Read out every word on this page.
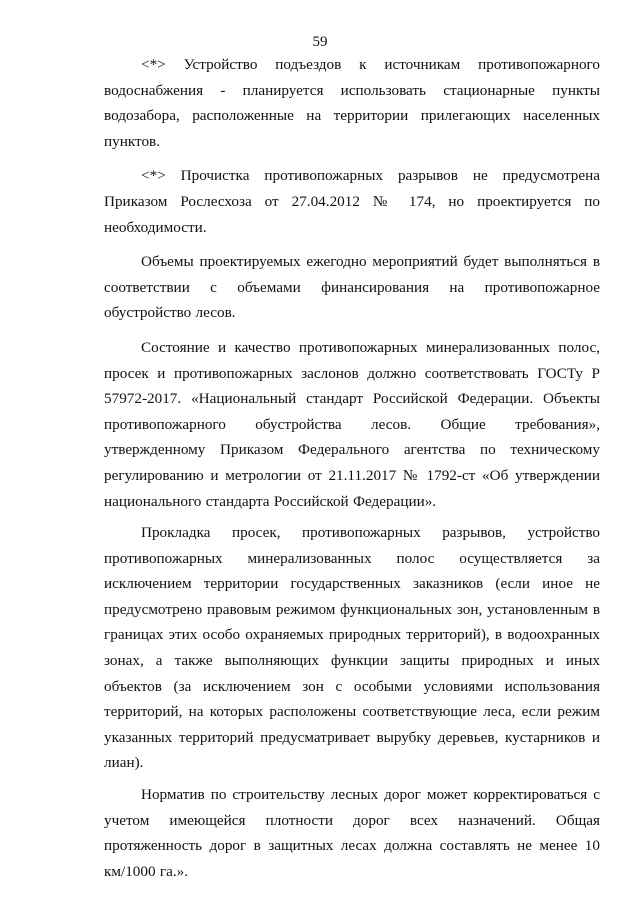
59

<*> Устройство подъездов к источникам противопожарного водоснабжения - планируется использовать стационарные пункты водозабора, расположенные на территории прилегающих населенных пунктов.

<*> Прочистка противопожарных разрывов не предусмотрена Приказом Рослесхоза от 27.04.2012 № 174, но проектируется по необходимости.

Объемы проектируемых ежегодно мероприятий будет выполняться в соответствии с объемами финансирования на противопожарное обустройство лесов.

Состояние и качество противопожарных минерализованных полос, просек и противопожарных заслонов должно соответствовать ГОСТу Р 57972-2017. «Национальный стандарт Российской Федерации. Объекты противопожарного обустройства лесов. Общие требования», утвержденному Приказом Федерального агентства по техническому регулированию и метрологии от 21.11.2017 № 1792-ст «Об утверждении национального стандарта Российской Федерации».

Прокладка просек, противопожарных разрывов, устройство противопожарных минерализованных полос осуществляется за исключением территории государственных заказников (если иное не предусмотрено правовым режимом функциональных зон, установленным в границах этих особо охраняемых природных территорий), в водоохранных зонах, а также выполняющих функции защиты природных и иных объектов (за исключением зон с особыми условиями использования территорий, на которых расположены соответствующие леса, если режим указанных территорий предусматривает вырубку деревьев, кустарников и лиан).

Норматив по строительству лесных дорог может корректироваться с учетом имеющейся плотности дорог всех назначений. Общая протяженность дорог в защитных лесах должна составлять не менее 10 км/1000 га.».
